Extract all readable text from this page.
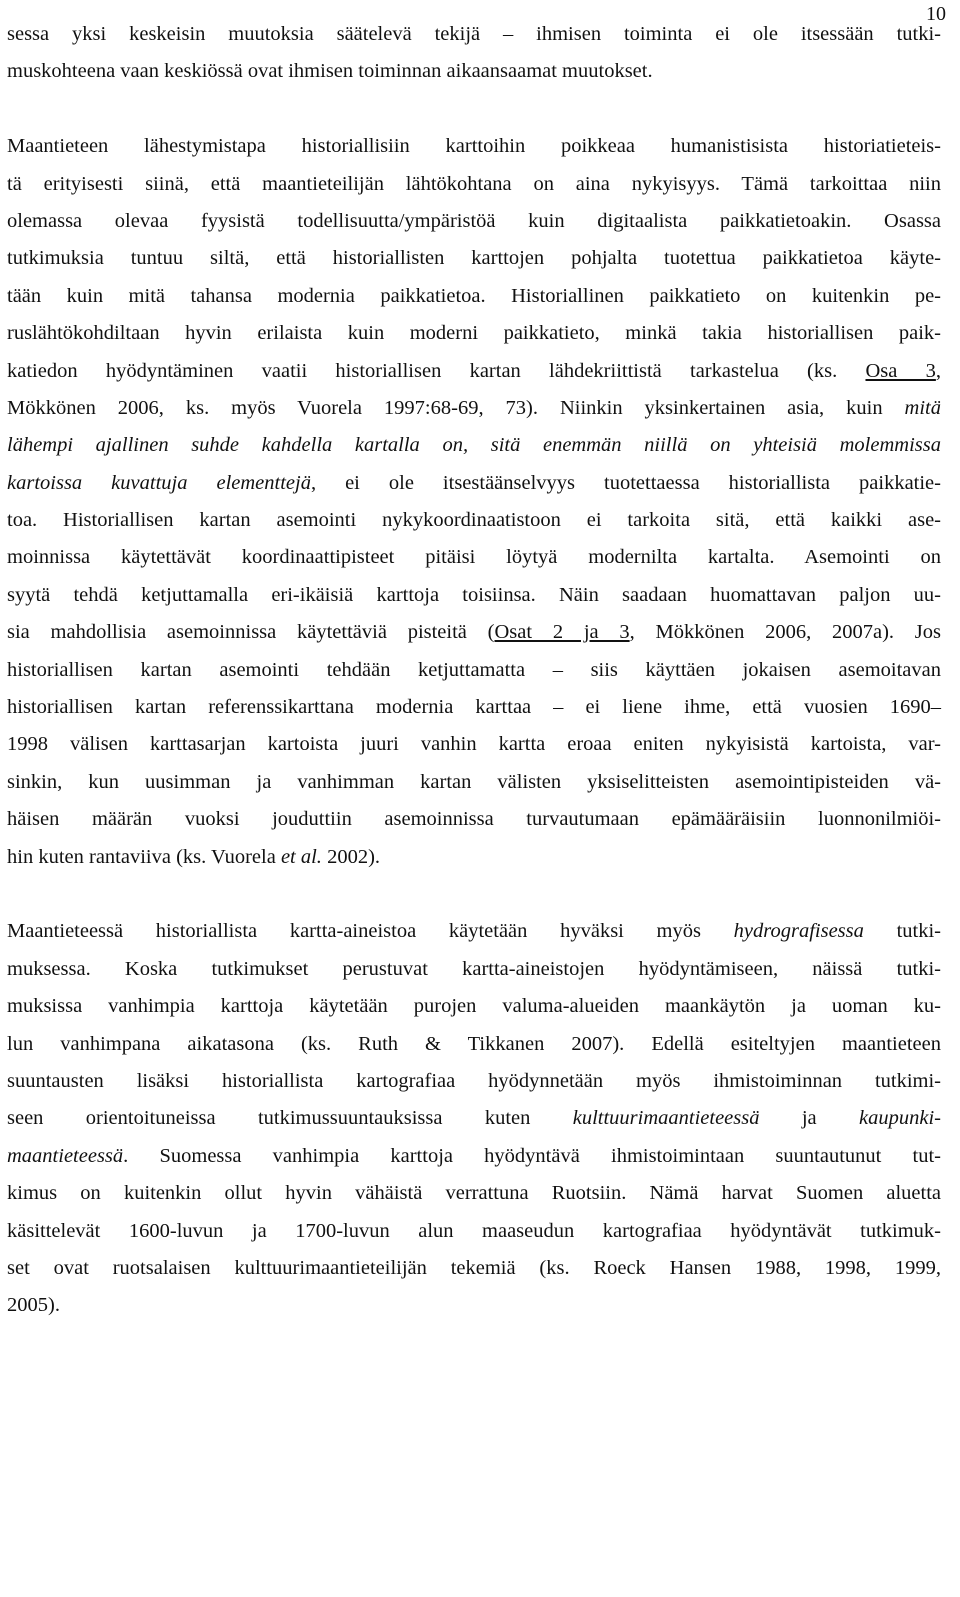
10
sessa yksi keskeisin muutoksia säätelevä tekijä – ihmisen toiminta ei ole itsessään tutki-
muskohteena vaan keskiössä ovat ihmisen toiminnan aikaansaamat muutokset.
Maantieteen lähestymistapa historiallisiin karttoihin poikkeaa humanistisista historiatieteis-
tä erityisesti siinä, että maantieteilijän lähtökohtana on aina nykyisyys. Tämä tarkoittaa niin
olemassa olevaa fyysistä todellisuutta/ympäristöä kuin digitaalista paikkatietoakin. Osassa
tutkimuksia tuntuu siltä, että historiallisten karttojen pohjalta tuotettua paikkatietoa käyte-
tään kuin mitä tahansa modernia paikkatietoa. Historiallinen paikkatieto on kuitenkin pe-
ruslähtökohdiltaan hyvin erilaista kuin moderni paikkatieto, minkä takia historiallisen paik-
katiedon hyödyntäminen vaatii historiallisen kartan lähdekriittistä tarkastelua (ks. Osa 3,
Mökkönen 2006, ks. myös Vuorela 1997:68-69, 73). Niinkin yksinkertainen asia, kuin mitä
lähempi ajallinen suhde kahdella kartalla on, sitä enemmän niillä on yhteisiä molemmissa
kartoissa kuvattuja elementtejä, ei ole itsestäänselvyys tuotettaessa historiallista paikkatie-
toa. Historiallisen kartan asemointi nykykoordinaatistoon ei tarkoita sitä, että kaikki ase-
moinnissa käytettävät koordinaattipisteet pitäisi löytyä modernilta kartalta. Asemointi on
syytä tehdä ketjuttamalla eri-ikäisiä karttoja toisiinsa. Näin saadaan huomattavan paljon uu-
sia mahdollisia asemoinnissa käytettäviä pisteitä (Osat 2 ja 3, Mökkönen 2006, 2007a). Jos
historiallisen kartan asemointi tehdään ketjuttamatta – siis käyttäen jokaisen asemoitavan
historiallisen kartan referenssikarttana modernia karttaa – ei liene ihme, että vuosien 1690–
1998 välisen karttasarjan kartoista juuri vanhin kartta eroaa eniten nykyisistä kartoista, var-
sinkin, kun uusimman ja vanhimman kartan välisten yksiselitteisten asemointipisteiden vä-
häisen määrän vuoksi jouduttiin asemoinnissa turvautumaan epämääräisiin luonnonilmiöi-
hin kuten rantaviiva (ks. Vuorela et al. 2002).
Maantieteessä historiallista kartta-aineistoa käytetään hyväksi myös hydrografisessa tutki-
muksessa. Koska tutkimukset perustuvat kartta-aineistojen hyödyntämiseen, näissä tutki-
muksissa vanhimpia karttoja käytetään purojen valuma-alueiden maankäytön ja uoman ku-
lun vanhimpana aikatasona (ks. Ruth & Tikkanen 2007). Edellä esiteltyjen maantieteen
suuntausten lisäksi historiallista kartografiaa hyödynnetään myös ihmistoiminnan tutkimi-
seen orientoituneissa tutkimussuuntauksissa kuten kulttuurimaantieteessä ja kaupunki-
maantieteessä. Suomessa vanhimpia karttoja hyödyntävä ihmistoimintaan suuntautunut tut-
kimus on kuitenkin ollut hyvin vähäistä verrattuna Ruotsiin. Nämä harvat Suomen aluetta
käsittelevät 1600-luvun ja 1700-luvun alun maaseudun kartografiaa hyödyntävät tutkimuk-
set ovat ruotsalaisen kulttuurimaantieteilijän tekemiä (ks. Roeck Hansen 1988, 1998, 1999,
2005).
